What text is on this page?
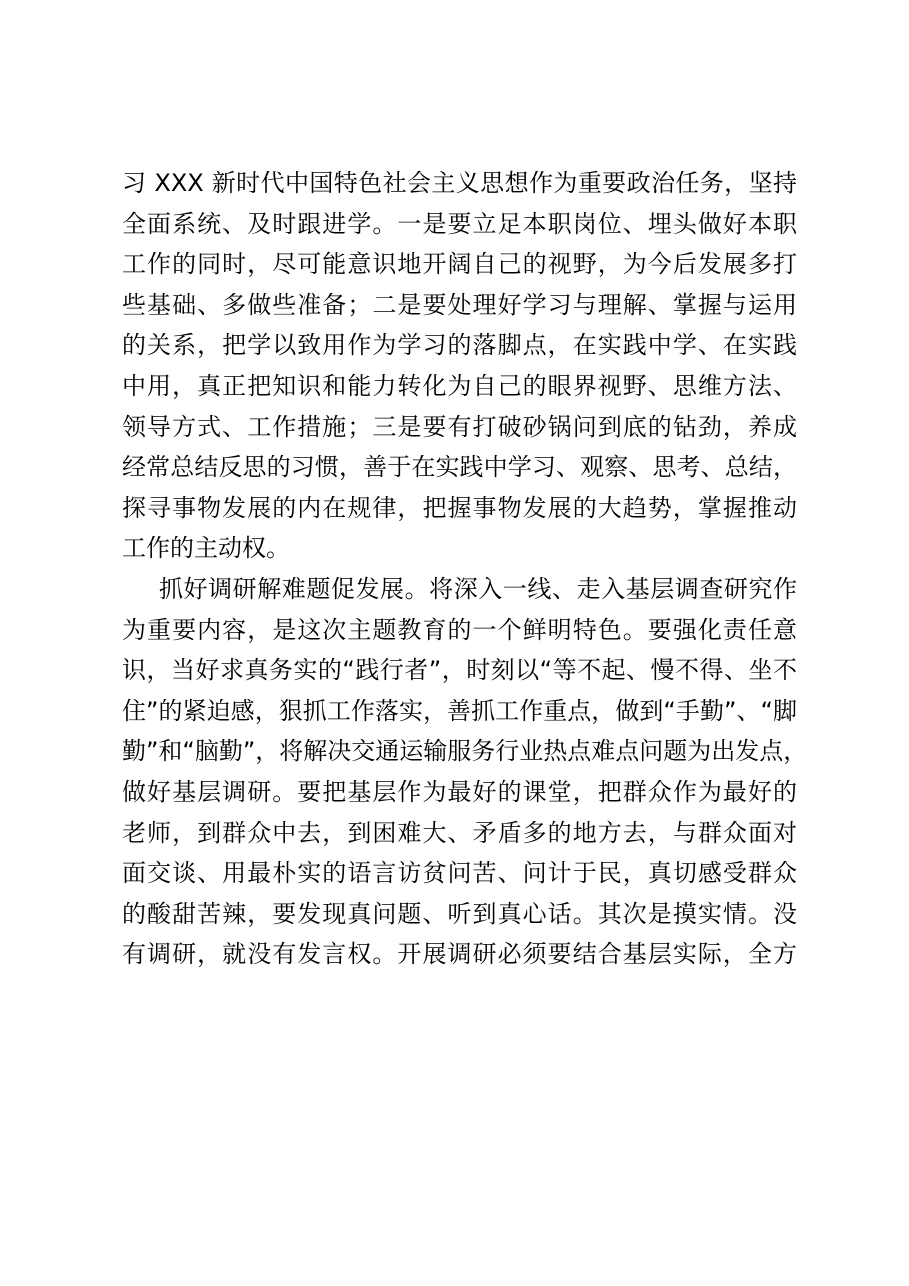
习 XXX 新时代中国特色社会主义思想作为重要政治任务，坚持
全面系统、及时跟进学。一是要立足本职岗位、埋头做好本职
工作的同时，尽可能意识地开阔自己的视野，为今后发展多打
些基础、多做些准备；二是要处理好学习与理解、掌握与运用
的关系，把学以致用作为学习的落脚点，在实践中学、在实践
中用，真正把知识和能力转化为自己的眼界视野、思维方法、
领导方式、工作措施；三是要有打破砂锅问到底的钻劲，养成
经常总结反思的习惯，善于在实践中学习、观察、思考、总结，
探寻事物发展的内在规律，把握事物发展的大趋势，掌握推动
工作的主动权。
抓好调研解难题促发展。将深入一线、走入基层调查研究作
为重要内容，是这次主题教育的一个鲜明特色。要强化责任意
识，当好求真务实的“践行者”，时刻以“等不起、慢不得、坐不
住”的紧迫感，狠抓工作落实，善抓工作重点，做到“手勤”、“脚
勤”和“脑勤”，将解决交通运输服务行业热点难点问题为出发点，
做好基层调研。要把基层作为最好的课堂，把群众作为最好的
老师，到群众中去，到困难大、矛盾多的地方去，与群众面对
面交谈、用最朴实的语言访贫问苦、问计于民，真切感受群众
的酸甜苦辣，要发现真问题、听到真心话。其次是摸实情。没
有调研，就没有发言权。开展调研必须要结合基层实际，全方
